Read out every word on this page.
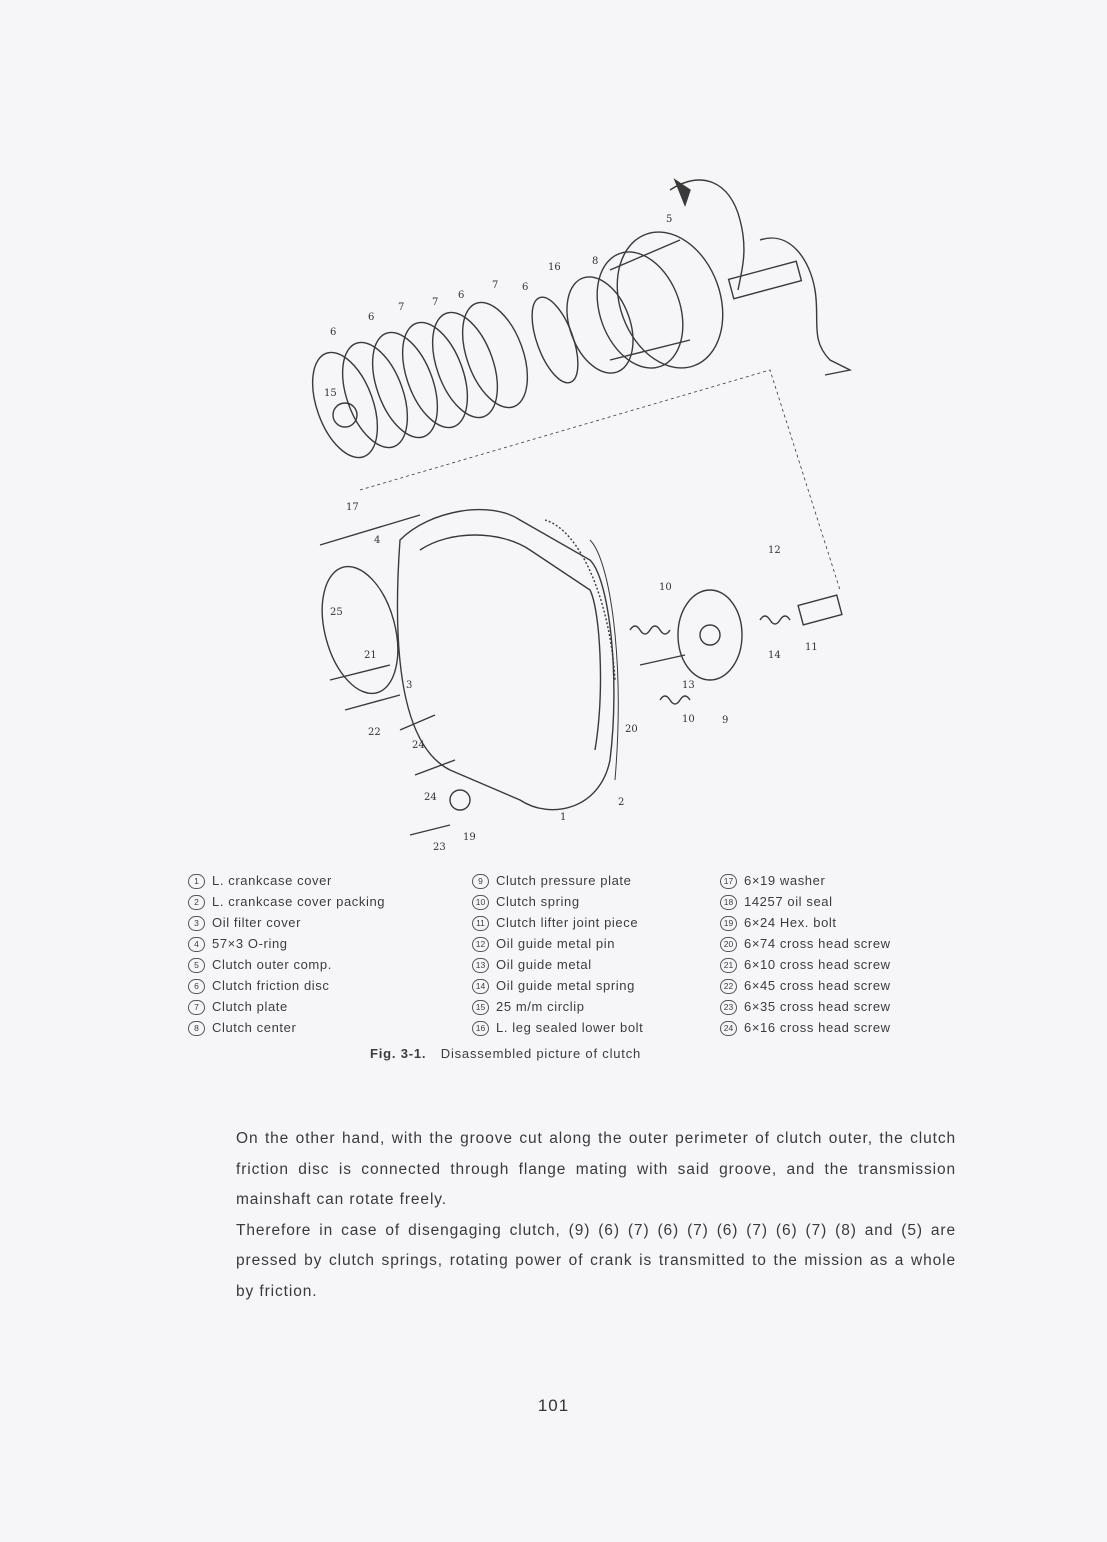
5
16
8
6
7
6
7
7
6
6
15
17
4
12
10
25
21
3
14
11
13
22
24
20
10	9
2
1
24
23
19
1 L. crankcase cover
2 L. crankcase cover packing
3 Oil filter cover
4 57×3 O-ring
5 Clutch outer comp.
6 Clutch friction disc
7 Clutch plate
8 Clutch center
9 Clutch pressure plate
10 Clutch spring
11 Clutch lifter joint piece
12 Oil guide metal pin
13 Oil guide metal
14 Oil guide metal spring
15 25 m/m circlip
16 L. leg sealed lower bolt
17 6×19 washer
18 14257 oil seal
19 6×24 Hex. bolt
20 6×74 cross head screw
21 6×10 cross head screw
22 6×45 cross head screw
23 6×35 cross head screw
24 6×16 cross head screw
Fig. 3-1. Disassembled picture of clutch

On the other hand, with the groove cut along the outer perimeter of clutch outer, the clutch friction disc is connected through flange mating with said groove, and the transmission mainshaft can rotate freely.

Therefore in case of disengaging clutch, (9) (6) (7) (6) (7) (6) (7) (6) (7) (8) and (5) are pressed by clutch springs, rotating power of crank is transmitted to the mission as a whole by friction.

101
